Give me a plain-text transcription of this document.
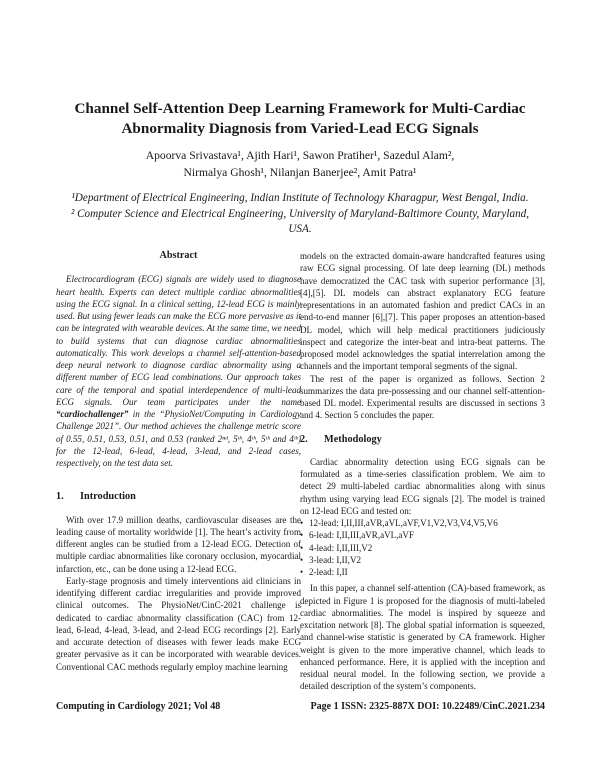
Channel Self-Attention Deep Learning Framework for Multi-Cardiac
Abnormality Diagnosis from Varied-Lead ECG Signals
Apoorva Srivastava¹, Ajith Hari¹, Sawon Pratiher¹, Sazedul Alam²,
Nirmalya Ghosh¹, Nilanjan Banerjee², Amit Patra¹
¹Department of Electrical Engineering, Indian Institute of Technology Kharagpur, West Bengal, India.
² Computer Science and Electrical Engineering, University of Maryland-Baltimore County, Maryland, USA.
Abstract

Electrocardiogram (ECG) signals are widely used to diagnose heart health. Experts can detect multiple cardiac abnormalities using the ECG signal. In a clinical setting, 12-lead ECG is mainly used. But using fewer leads can make the ECG more pervasive as it can be integrated with wearable devices. At the same time, we need to build systems that can diagnose cardiac abnormalities automatically. This work develops a channel self-attention-based deep neural network to diagnose cardiac abnormality using a different number of ECG lead combinations. Our approach takes care of the temporal and spatial interdependence of multi-lead ECG signals. Our team participates under the name “cardiochallenger” in the “PhysioNet/Computing in Cardiology Challenge 2021”. Our method achieves the challenge metric score of 0.55, 0.51, 0.53, 0.51, and 0.53 (ranked 2ⁿᵈ, 5ᵗʰ, 4ᵗʰ, 5ᵗʰ and 4ᵗʰ) for the 12-lead, 6-lead, 4-lead, 3-lead, and 2-lead cases, respectively, on the test data set.

1. Introduction

With over 17.9 million deaths, cardiovascular diseases are the leading cause of mortality worldwide [1]. The heart’s activity from different angles can be studied from a 12-lead ECG. Detection of multiple cardiac abnormalities like coronary occlusion, myocardial infarction, etc., can be done using a 12-lead ECG.

Early-stage prognosis and timely interventions aid clinicians in identifying different cardiac irregularities and provide improved clinical outcomes. The PhysioNet/CinC-2021 challenge is dedicated to cardiac abnormality classification (CAC) from 12-lead, 6-lead, 4-lead, 3-lead, and 2-lead ECG recordings [2]. Early and accurate detection of diseases with fewer leads make ECG greater pervasive as it can be incorporated with wearable devices. Conventional CAC methods regularly employ machine learning

models on the extracted domain-aware handcrafted features using raw ECG signal processing. Of late deep learning (DL) methods have democratized the CAC task with superior performance [3],[4],[5]. DL models can abstract explanatory ECG feature representations in an automated fashion and predict CACs in an end-to-end manner [6],[7]. This paper proposes an attention-based DL model, which will help medical practitioners judiciously inspect and categorize the inter-beat and intra-beat patterns. The proposed model acknowledges the spatial interrelation among the channels and the important temporal segments of the signal.

The rest of the paper is organized as follows. Section 2 summarizes the data pre-possessing and our channel self-attention-based DL model. Experimental results are discussed in sections 3 and 4. Section 5 concludes the paper.

2. Methodology

Cardiac abnormality detection using ECG signals can be formulated as a time-series classification problem. We aim to detect 29 multi-labeled cardiac abnormalities along with sinus rhythm using varying lead ECG signals [2]. The model is trained on 12-lead ECG and tested on:

• 12-lead: I,II,III,aVR,aVL,aVF,V1,V2,V3,V4,V5,V6
• 6-lead: I,II,III,aVR,aVL,aVF
• 4-lead: I,II,III,V2
• 3-lead: I,II,V2
• 2-lead: I,II

In this paper, a channel self-attention (CA)-based framework, as depicted in Figure 1 is proposed for the diagnosis of multi-labeled cardiac abnormalities. The model is inspired by squeeze and excitation network [8]. The global spatial information is squeezed, and channel-wise statistic is generated by CA framework. Higher weight is given to the more imperative channel, which leads to enhanced performance. Here, it is applied with the inception and residual neural model. In the following section, we provide a detailed description of the system’s components.

Computing in Cardiology 2021; Vol 48	Page 1 ISSN: 2325-887X DOI: 10.22489/CinC.2021.234
